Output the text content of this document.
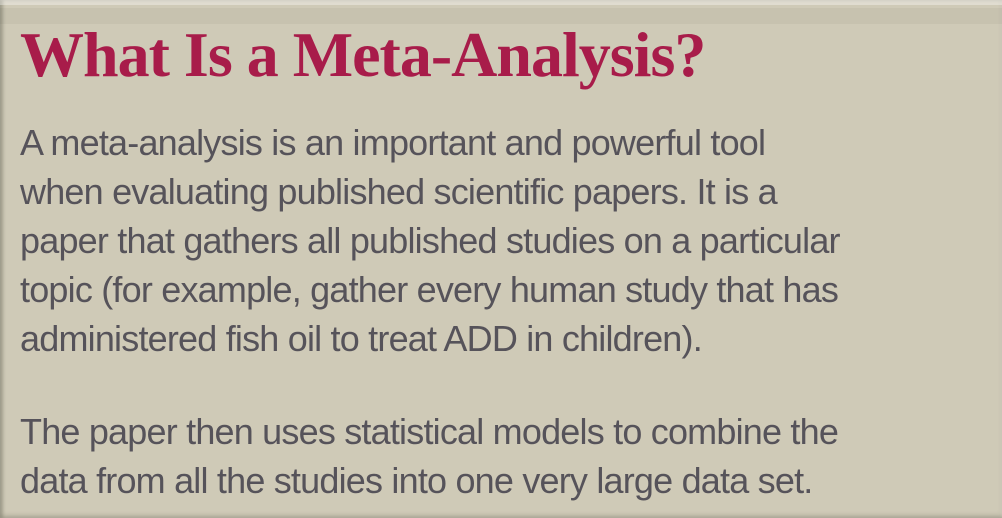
What Is a Meta-Analysis?
A meta-analysis is an important and powerful tool
when evaluating published scientific papers. It is a
paper that gathers all published studies on a particular
topic (for example, gather every human study that has
administered fish oil to treat ADD in children).
The paper then uses statistical models to combine the
data from all the studies into one very large data set.
